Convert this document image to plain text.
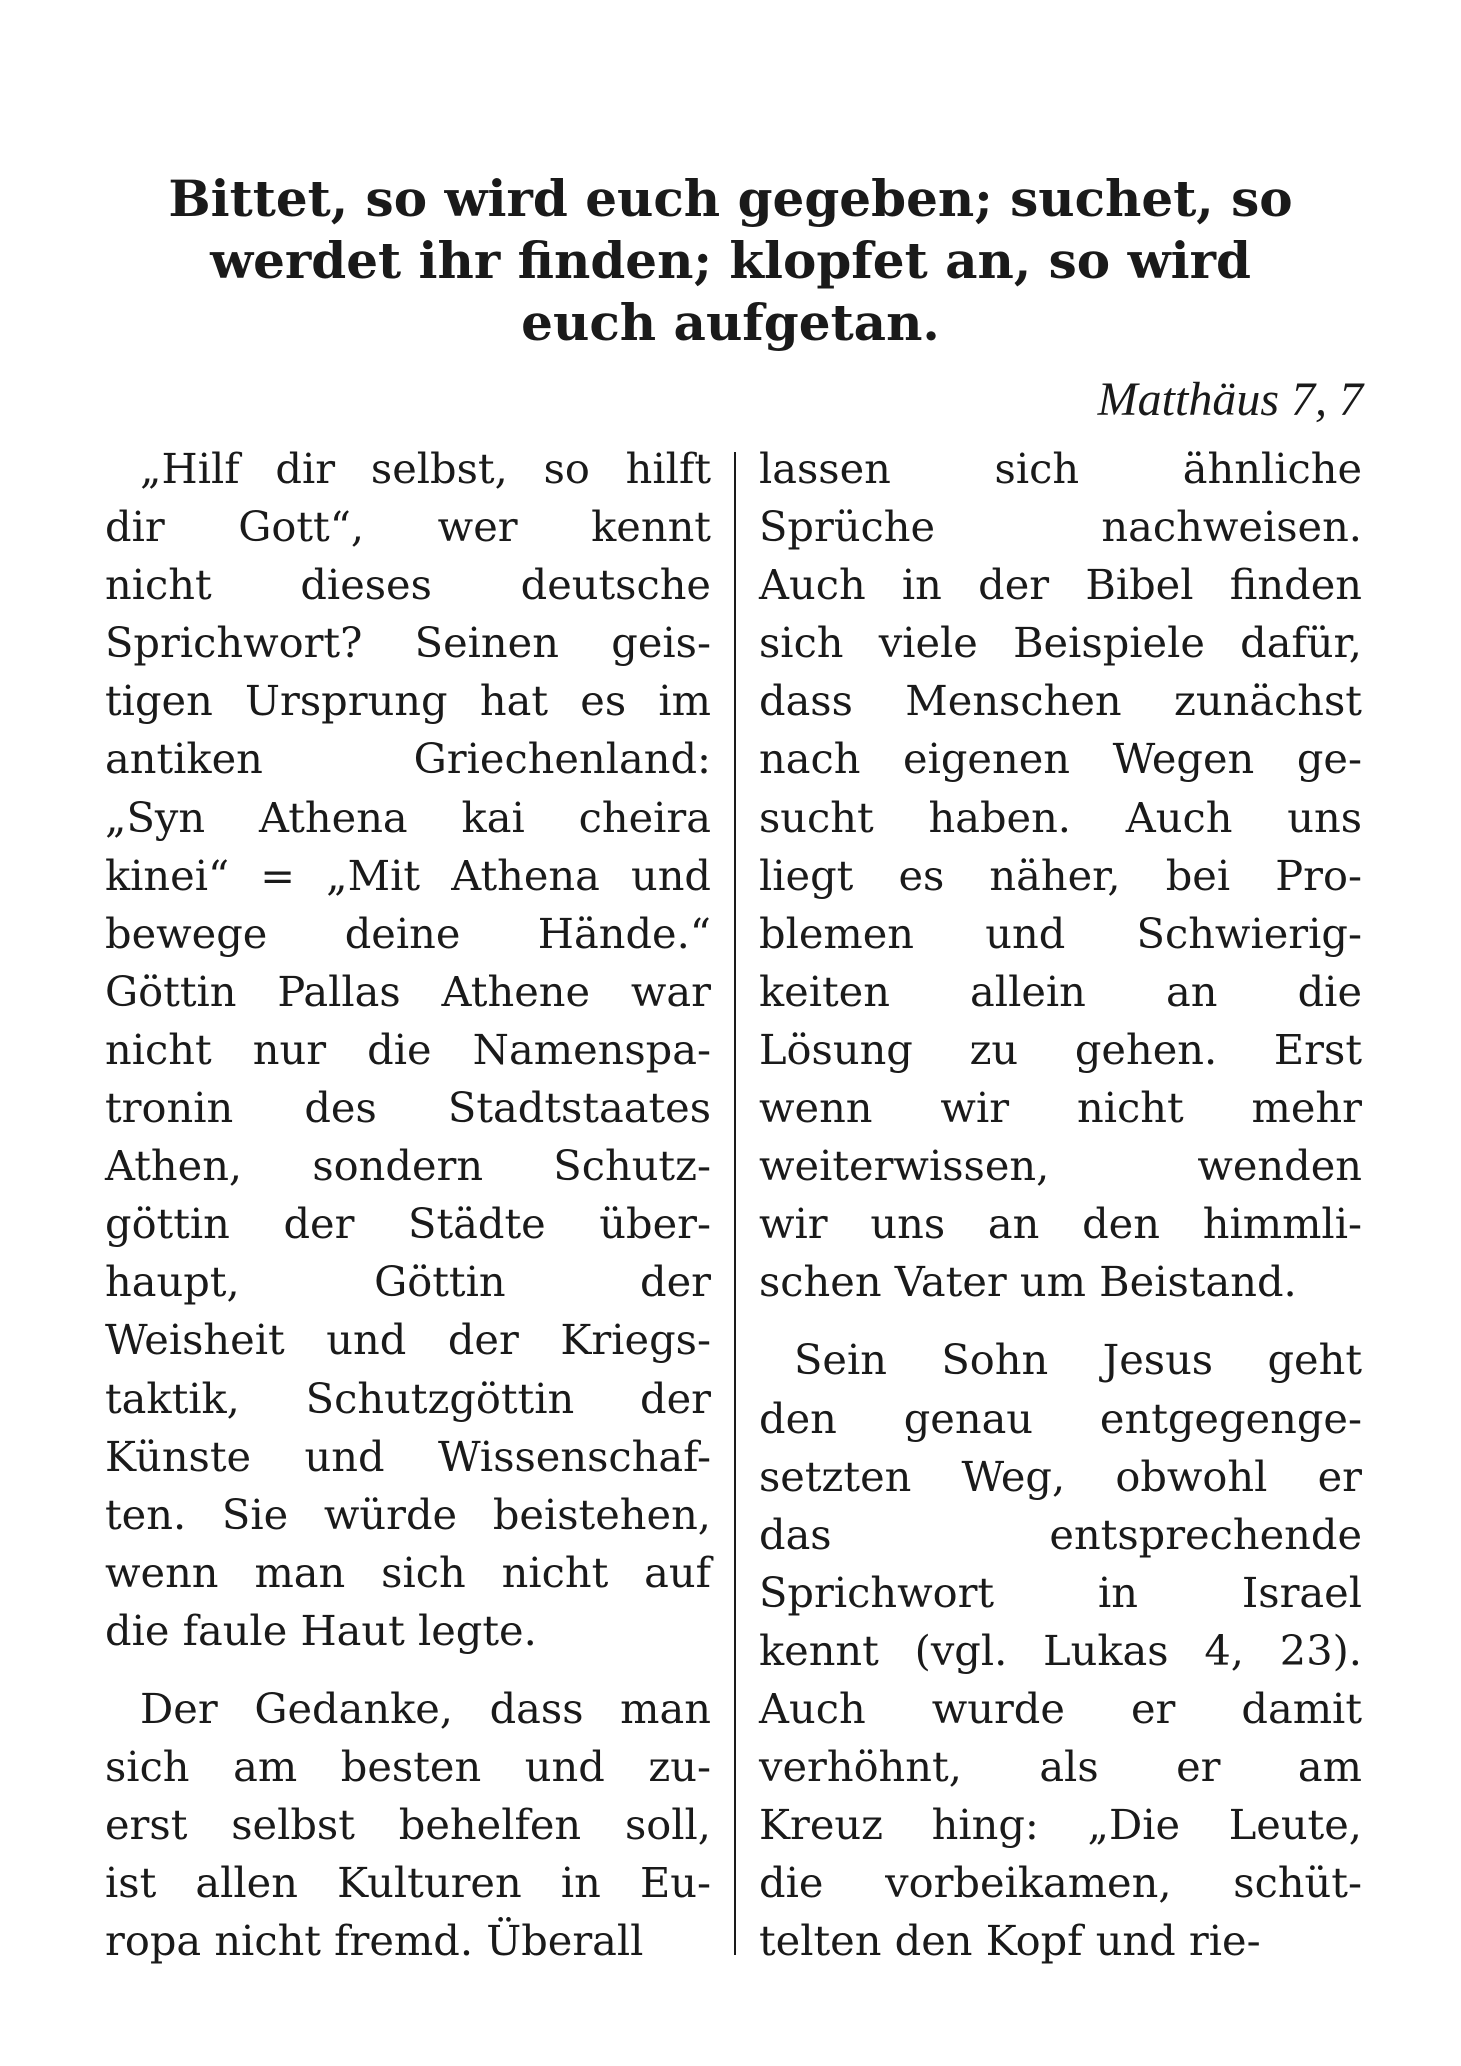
Bittet, so wird euch gegeben; suchet, so
werdet ihr finden; klopfet an, so wird
euch aufgetan.

Matthäus 7, 7

„Hilf dir selbst, so hilft
dir Gott“, wer kennt
nicht dieses deutsche
Sprichwort? Seinen geis-
tigen Ursprung hat es im
antiken Griechenland:
„Syn Athena kai cheira
kinei“ = „Mit Athena und
bewege deine Hände.“
Göttin Pallas Athene war
nicht nur die Namenspa-
tronin des Stadtstaates
Athen, sondern Schutz-
göttin der Städte über-
haupt, Göttin der
Weisheit und der Kriegs-
taktik, Schutzgöttin der
Künste und Wissenschaf-
ten. Sie würde beistehen,
wenn man sich nicht auf
die faule Haut legte.

Der Gedanke, dass man
sich am besten und zu-
erst selbst behelfen soll,
ist allen Kulturen in Eu-
ropa nicht fremd. Überall

lassen sich ähnliche
Sprüche nachweisen.
Auch in der Bibel finden
sich viele Beispiele dafür,
dass Menschen zunächst
nach eigenen Wegen ge-
sucht haben. Auch uns
liegt es näher, bei Pro-
blemen und Schwierig-
keiten allein an die
Lösung zu gehen. Erst
wenn wir nicht mehr
weiterwissen, wenden
wir uns an den himmli-
schen Vater um Beistand.

Sein Sohn Jesus geht
den genau entgegenge-
setzten Weg, obwohl er
das entsprechende
Sprichwort in Israel
kennt (vgl. Lukas 4, 23).
Auch wurde er damit
verhöhnt, als er am
Kreuz hing: „Die Leute,
die vorbeikamen, schüt-
telten den Kopf und rie-
